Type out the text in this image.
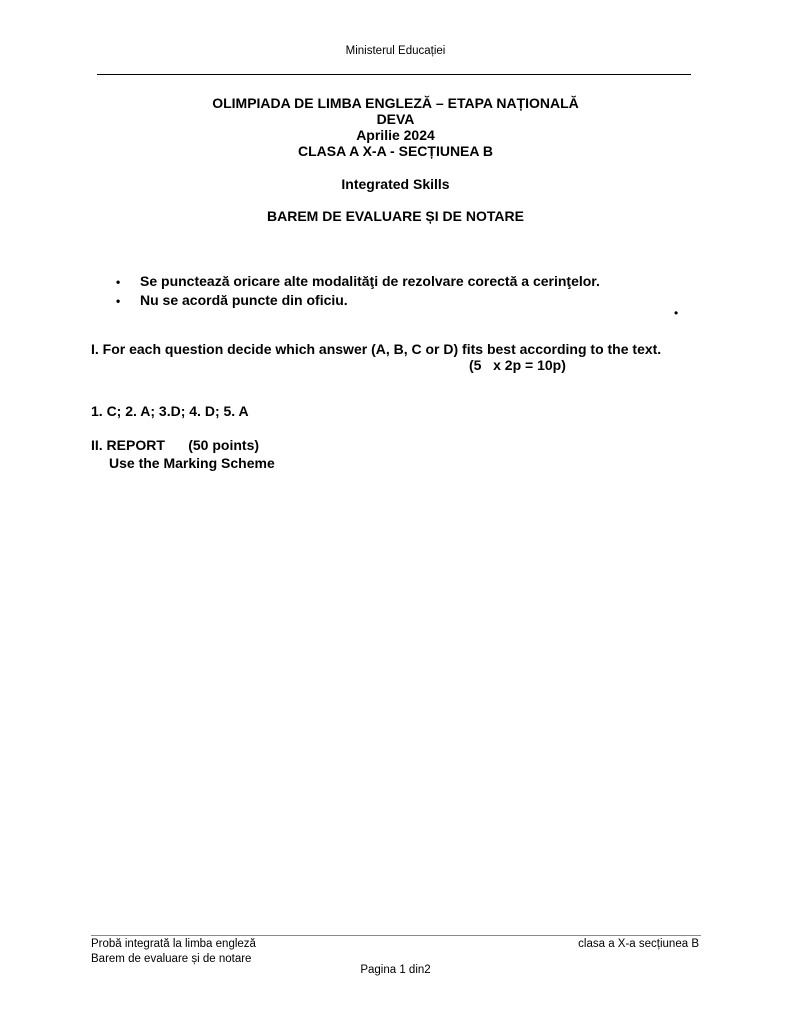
Ministerul Educației
OLIMPIADA DE LIMBA ENGLEZĂ – ETAPA NAȚIONALĂ
DEVA
Aprilie 2024
CLASA A X-A - SECȚIUNEA B
Integrated Skills
BAREM DE EVALUARE ȘI DE NOTARE
•	Se punctează oricare alte modalităţi de rezolvare corectă a cerinţelor.
•	Nu se acordă puncte din oficiu.
•
I. For each question decide which answer (A, B, C or D) fits best according to the text.
(5   x 2p = 10p)
1. C; 2. A; 3.D; 4. D; 5. A
II. REPORT      (50 points)
Use the Marking Scheme
Probă integrată la limba engleză
Barem de evaluare și de notare
clasa a X-a secțiunea B
Pagina 1 din2
